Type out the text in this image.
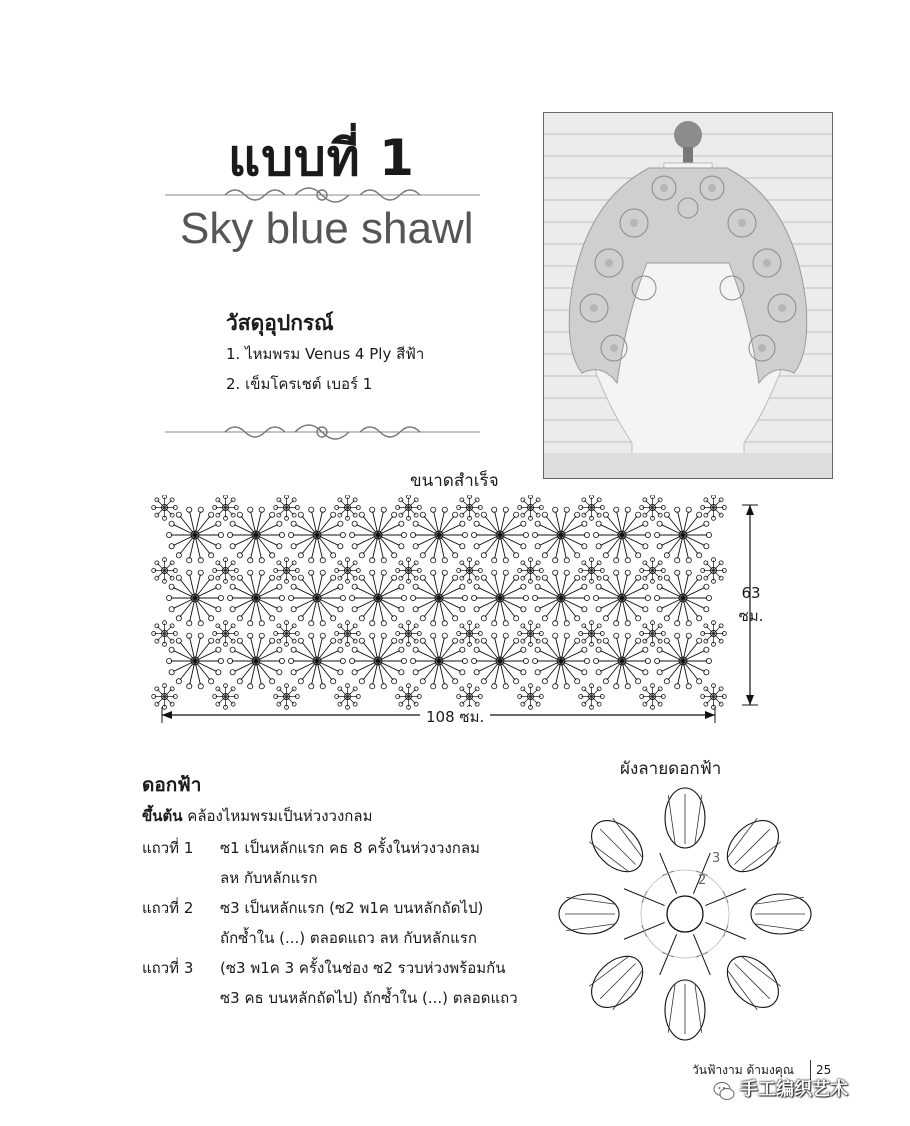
แบบที่ 1
Sky blue shawl
วัสดุอุปกรณ์
1. ไหมพรม Venus 4 Ply สีฟ้า
2. เข็มโครเชต์ เบอร์ 1
ขนาดสำเร็จ
108 ซม.
63
ซม.
ผังลายดอกฟ้า
2
3
ดอกฟ้า
ขึ้นต้น คล้องไหมพรมเป็นห่วงวงกลม
แถวที่ 1 ซ1 เป็นหลักแรก คธ 8 ครั้งในห่วงวงกลม
ลห กับหลักแรก
แถวที่ 2 ซ3 เป็นหลักแรก (ซ2 พ1ค บนหลักถัดไป)
ถักซ้ำใน (...) ตลอดแถว ลห กับหลักแรก
แถวที่ 3 (ซ3 พ1ค 3 ครั้งในช่อง ซ2 รวบห่วงพร้อมกัน
ซ3 คธ บนหลักถัดไป) ถักซ้ำใน (...) ตลอดแถว
วันฟ้างาม ด้ามงคุณ 25
手工编织艺术
